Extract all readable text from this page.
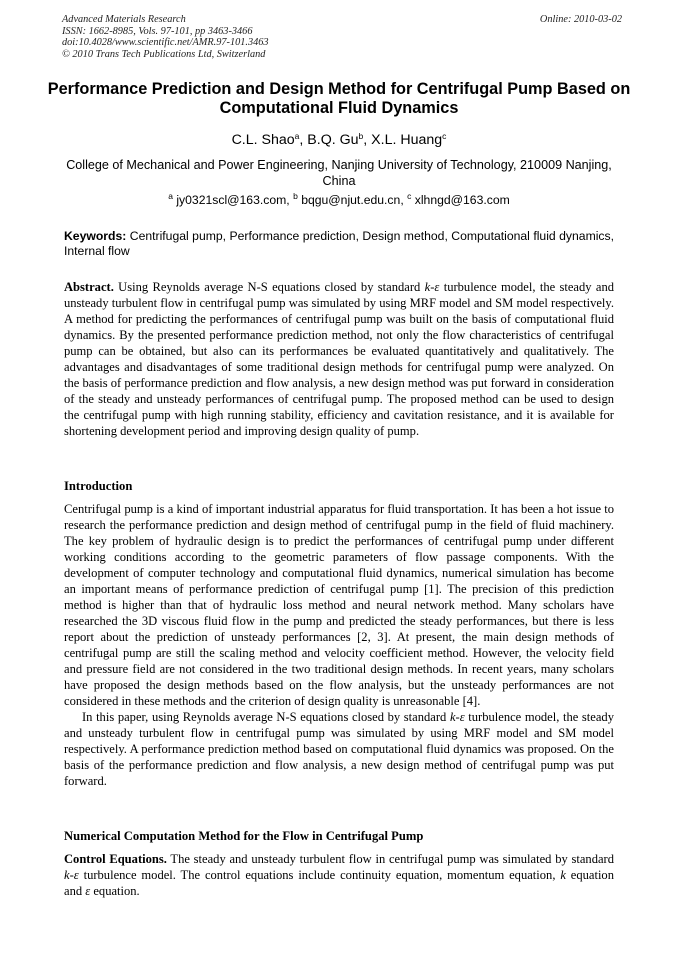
Advanced Materials Research
ISSN: 1662-8985, Vols. 97-101, pp 3463-3466
doi:10.4028/www.scientific.net/AMR.97-101.3463
© 2010 Trans Tech Publications Ltd, Switzerland
Online: 2010-03-02
Performance Prediction and Design Method for Centrifugal Pump Based on Computational Fluid Dynamics
C.L. Shao$^a$, B.Q. Gu$^b$, X.L. Huang$^c$
College of Mechanical and Power Engineering, Nanjing University of Technology, 210009 Nanjing, China
$^a$ jy0321scl@163.com, $^b$ bqgu@njut.edu.cn, $^c$ xlhngd@163.com
Keywords: Centrifugal pump, Performance prediction, Design method, Computational fluid dynamics, Internal flow
Abstract. Using Reynolds average N-S equations closed by standard k-ε turbulence model, the steady and unsteady turbulent flow in centrifugal pump was simulated by using MRF model and SM model respectively. A method for predicting the performances of centrifugal pump was built on the basis of computational fluid dynamics. By the presented performance prediction method, not only the flow characteristics of centrifugal pump can be obtained, but also can its performances be evaluated quantitatively and qualitatively. The advantages and disadvantages of some traditional design methods for centrifugal pump were analyzed. On the basis of performance prediction and flow analysis, a new design method was put forward in consideration of the steady and unsteady performances of centrifugal pump. The proposed method can be used to design the centrifugal pump with high running stability, efficiency and cavitation resistance, and it is available for shortening development period and improving design quality of pump.
Introduction

Centrifugal pump is a kind of important industrial apparatus for fluid transportation. It has been a hot issue to research the performance prediction and design method of centrifugal pump in the field of fluid machinery. The key problem of hydraulic design is to predict the performances of centrifugal pump under different working conditions according to the geometric parameters of flow passage components. With the development of computer technology and computational fluid dynamics, numerical simulation has become an important means of performance prediction of centrifugal pump [1]. The precision of this prediction method is higher than that of hydraulic loss method and neural network method. Many scholars have researched the 3D viscous fluid flow in the pump and predicted the steady performances, but there is less report about the prediction of unsteady performances [2, 3]. At present, the main design methods of centrifugal pump are still the scaling method and velocity coefficient method. However, the velocity field and pressure field are not considered in the two traditional design methods. In recent years, many scholars have proposed the design methods based on the flow analysis, but the unsteady performances are not considered in these methods and the criterion of design quality is unreasonable [4].

In this paper, using Reynolds average N-S equations closed by standard k-ε turbulence model, the steady and unsteady turbulent flow in centrifugal pump was simulated by using MRF model and SM model respectively. A performance prediction method based on computational fluid dynamics was proposed. On the basis of the performance prediction and flow analysis, a new design method of centrifugal pump was put forward.

Numerical Computation Method for the Flow in Centrifugal Pump
Control Equations. The steady and unsteady turbulent flow in centrifugal pump was simulated by standard k-ε turbulence model. The control equations include continuity equation, momentum equation, k equation and ε equation.
